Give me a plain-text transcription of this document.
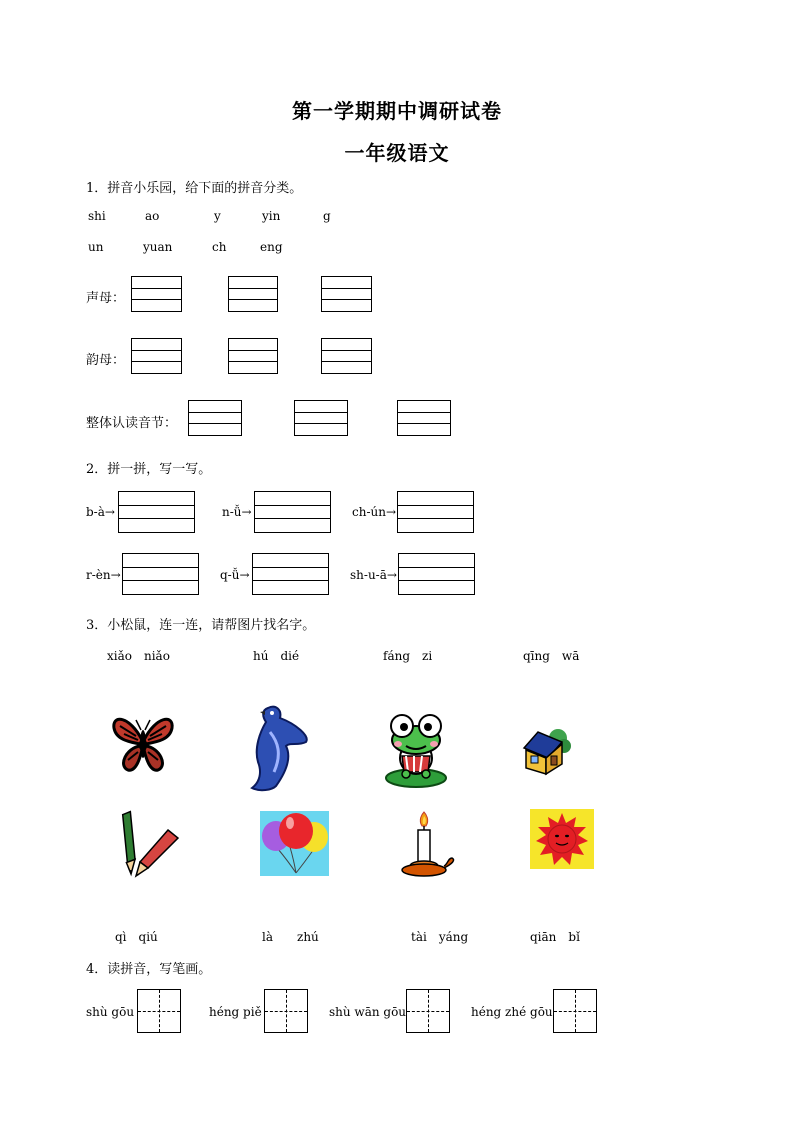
第一学期期中调研试卷
一年级语文
1．拼音小乐园，给下面的拼音分类。
shi	ao	y	yin	g
un	yuan	ch	eng
声母：
韵母：
整体认读音节：
2．拼一拼，写一写。
b-à→	n-ǚ→	ch-ún→
r-èn→	q-ǚ→	sh-u-ā→
3．小松鼠，连一连，请帮图片找名字。
xiǎo　niǎo	hú　dié	fáng　zi	qīng　wā
qì　qiú	là　　zhú	tài　yáng	qiān　bǐ
4．读拼音，写笔画。
shù gōu	héng piě	shù wān gōu	héng zhé gōu
